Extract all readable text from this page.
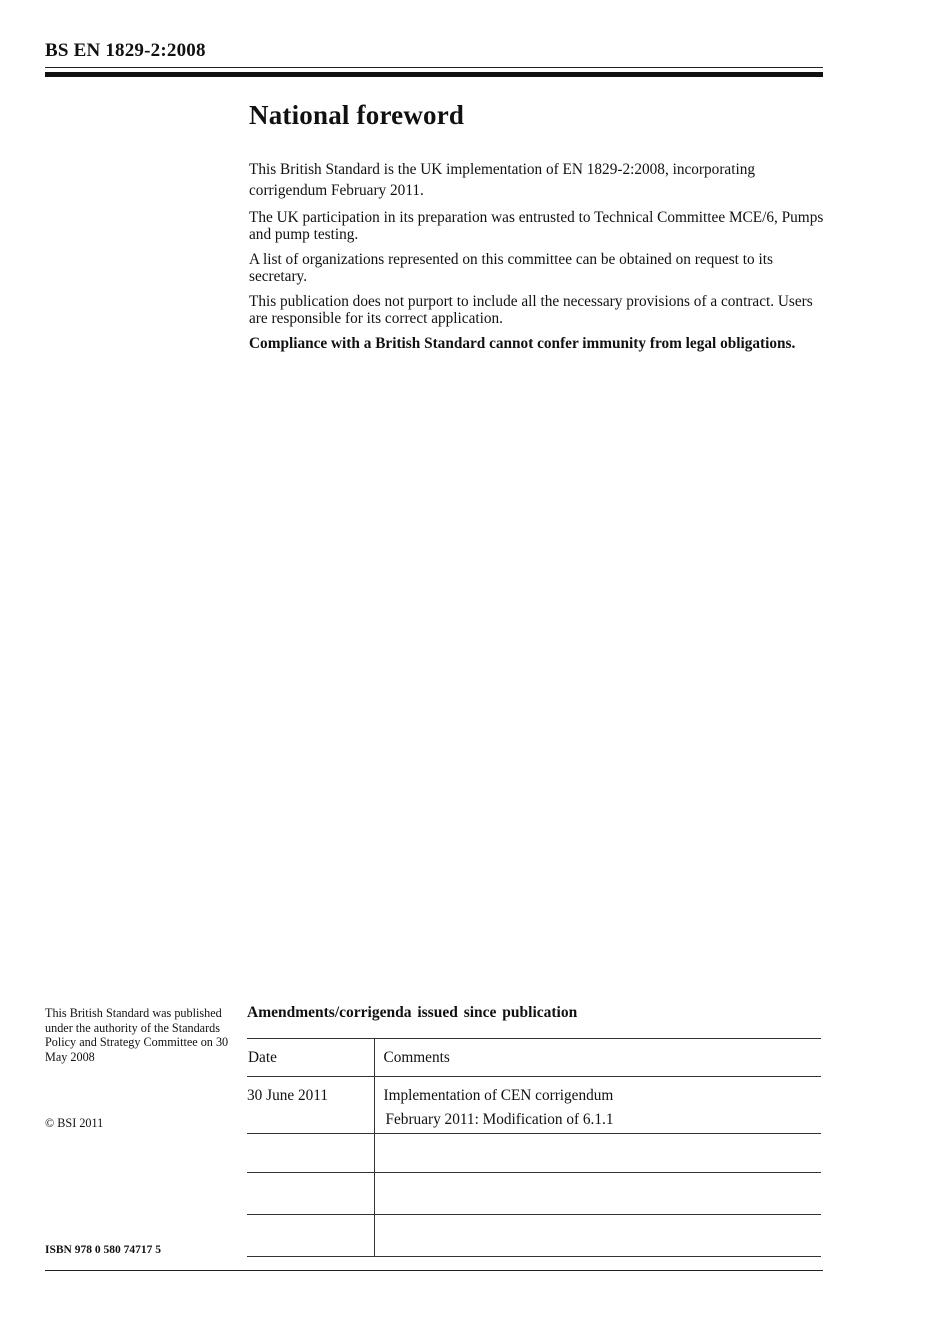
BS EN 1829-2:2008
National foreword

This British Standard is the UK implementation of EN 1829-2:2008, incorporating corrigendum February 2011.

The UK participation in its preparation was entrusted to Technical Committee MCE/6, Pumps and pump testing.

A list of organizations represented on this committee can be obtained on request to its secretary.

This publication does not purport to include all the necessary provisions of a contract. Users are responsible for its correct application.

Compliance with a British Standard cannot confer immunity from legal obligations.

This British Standard was published under the authority of the Standards Policy and Strategy Committee on 30 May 2008
© BSI 2011
ISBN 978 0 580 74717 5
Amendments/corrigenda issued since publication
Date	Comments
30 June 2011	Implementation of CEN corrigendum
February 2011: Modification of 6.1.1
